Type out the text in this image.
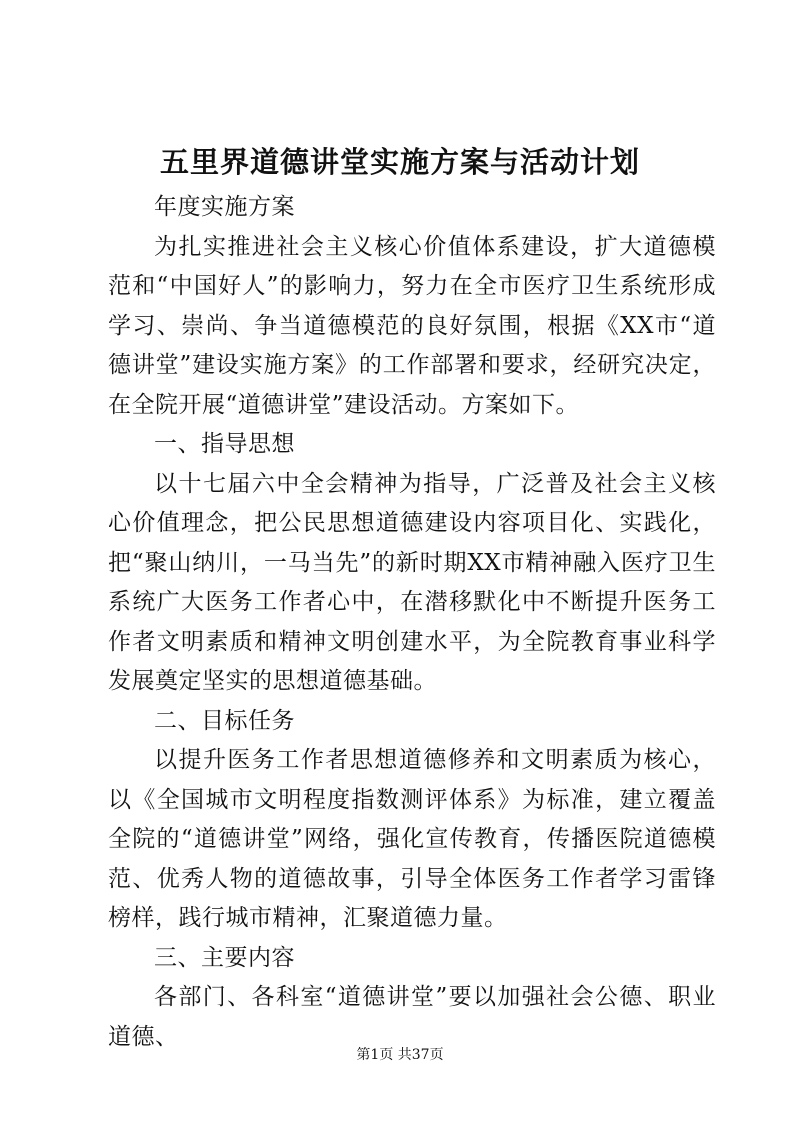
五里界道德讲堂实施方案与活动计划

年度实施方案

为扎实推进社会主义核心价值体系建设，扩大道德模范和“中国好人”的影响力，努力在全市医疗卫生系统形成学习、崇尚、争当道德模范的良好氛围，根据《XX市“道德讲堂”建设实施方案》的工作部署和要求，经研究决定，在全院开展“道德讲堂”建设活动。方案如下。

一、指导思想

以十七届六中全会精神为指导，广泛普及社会主义核心价值理念，把公民思想道德建设内容项目化、实践化，把“聚山纳川，一马当先”的新时期XX市精神融入医疗卫生系统广大医务工作者心中，在潜移默化中不断提升医务工作者文明素质和精神文明创建水平，为全院教育事业科学发展奠定坚实的思想道德基础。

二、目标任务

以提升医务工作者思想道德修养和文明素质为核心，以《全国城市文明程度指数测评体系》为标准，建立覆盖全院的“道德讲堂”网络，强化宣传教育，传播医院道德模范、优秀人物的道德故事，引导全体医务工作者学习雷锋榜样，践行城市精神，汇聚道德力量。

三、主要内容

各部门、各科室“道德讲堂”要以加强社会公德、职业道德、

第1页 共37页
